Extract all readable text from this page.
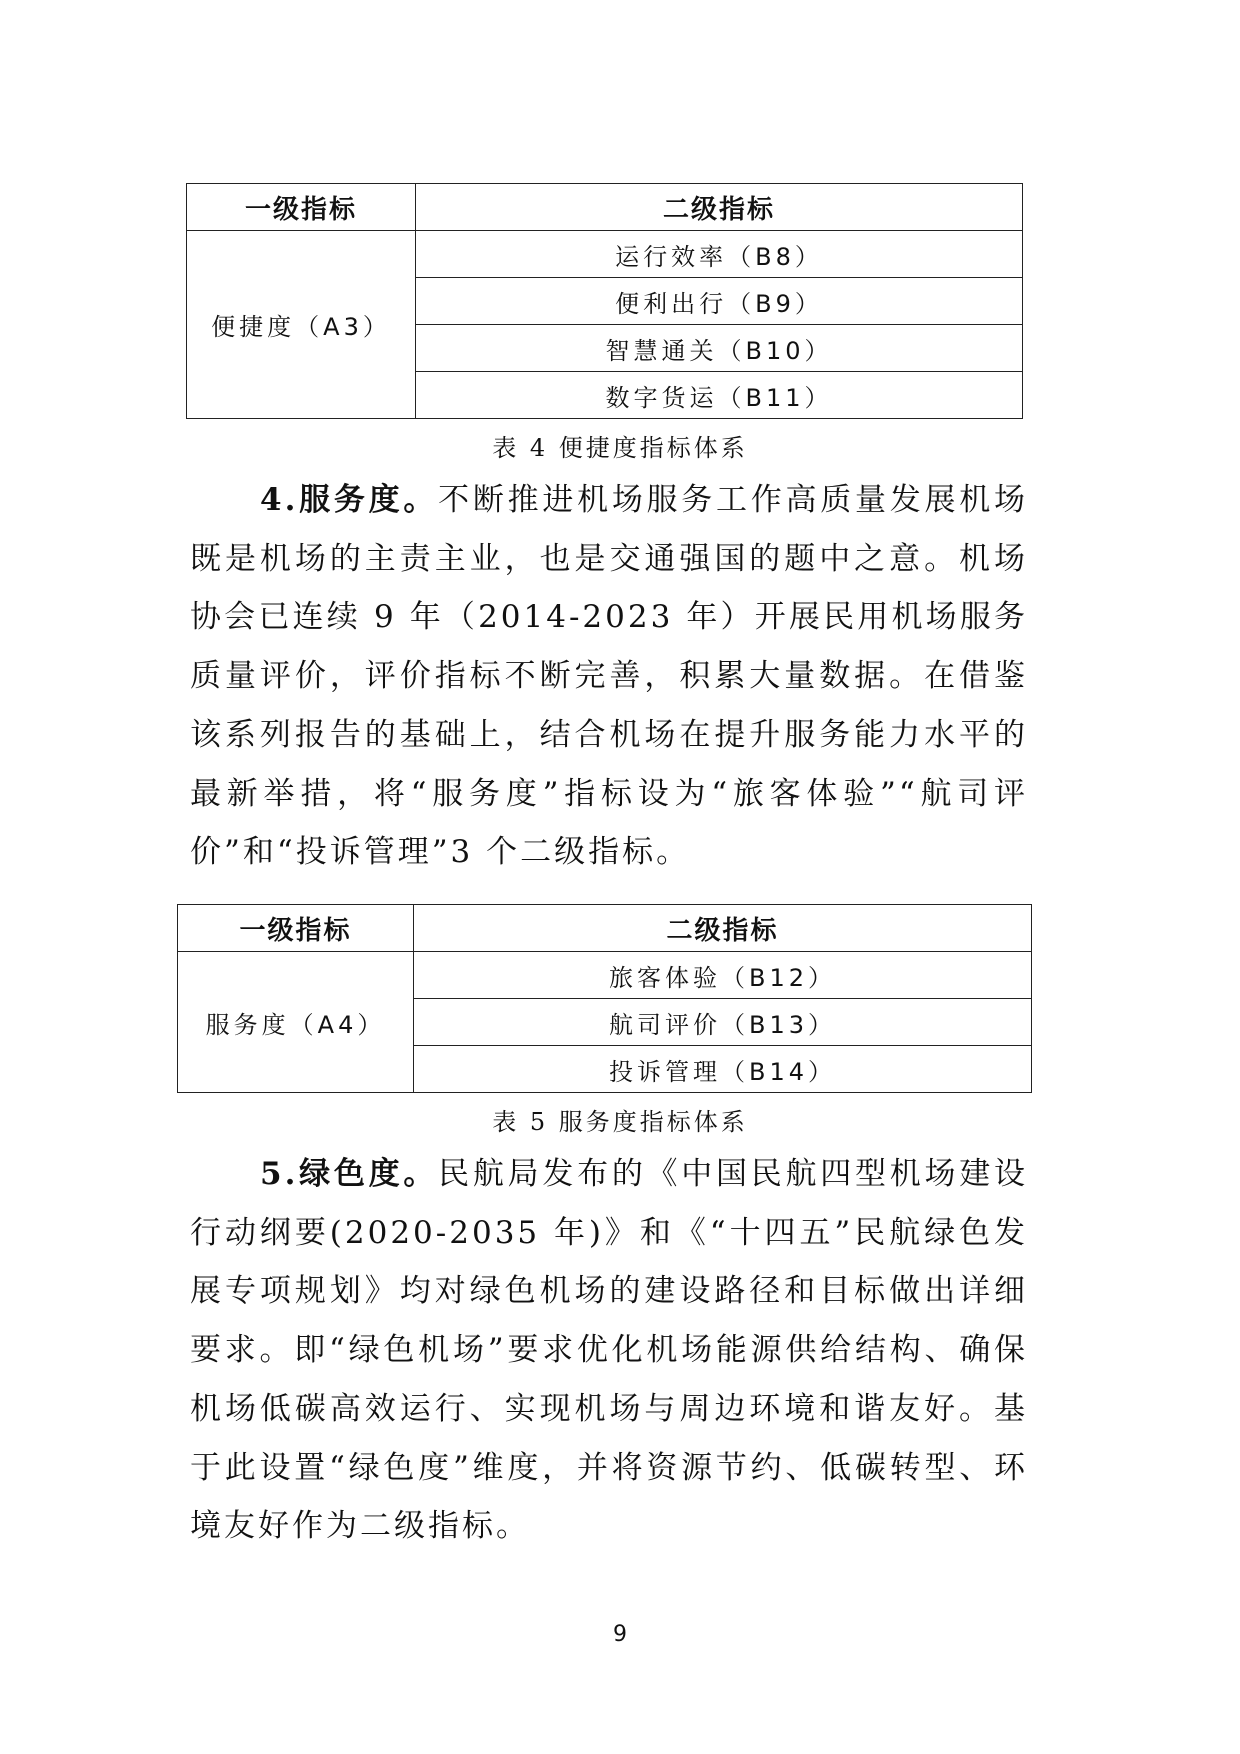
一级指标	二级指标
便捷度（A3）	运行效率（B8）
	便利出行（B9）
	智慧通关（B10）
	数字货运（B11）
表 4 便捷度指标体系

4.服务度。不断推进机场服务工作高质量发展机场既是机场的主责主业，也是交通强国的题中之意。机场协会已连续 9 年（2014-2023 年）开展民用机场服务质量评价，评价指标不断完善，积累大量数据。在借鉴该系列报告的基础上，结合机场在提升服务能力水平的最新举措，将“服务度”指标设为“旅客体验”“航司评价”和“投诉管理”3 个二级指标。

一级指标	二级指标
服务度（A4）	旅客体验（B12）
	航司评价（B13）
	投诉管理（B14）
表 5 服务度指标体系

5.绿色度。民航局发布的《中国民航四型机场建设行动纲要(2020-2035 年)》和《“十四五”民航绿色发展专项规划》均对绿色机场的建设路径和目标做出详细要求。即“绿色机场”要求优化机场能源供给结构、确保机场低碳高效运行、实现机场与周边环境和谐友好。基于此设置“绿色度”维度，并将资源节约、低碳转型、环境友好作为二级指标。

9
